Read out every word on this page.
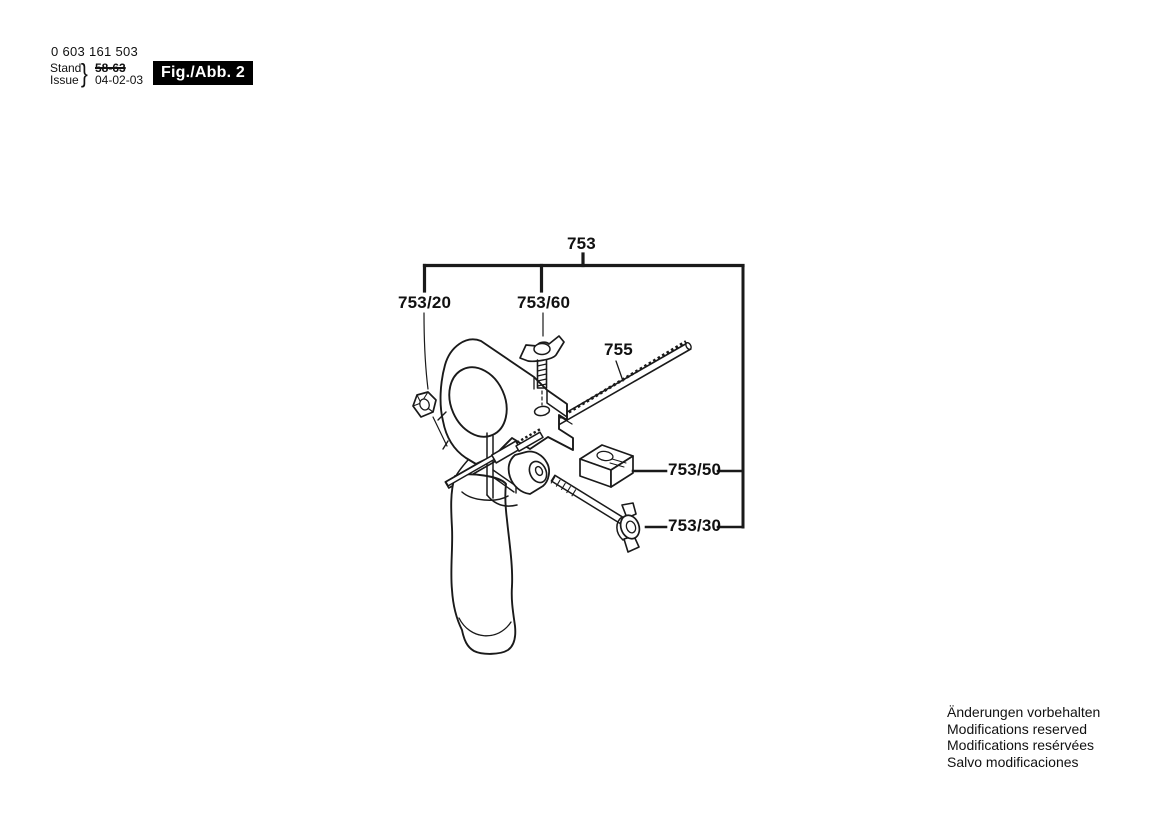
0 603 161 503
Stand
Issue } 58-63
04-02-03	Fig./Abb. 2
753
753/20	753/60
755
753/50
753/30
Änderungen vorbehalten
Modifications reserved
Modifications resérvées
Salvo modificaciones
